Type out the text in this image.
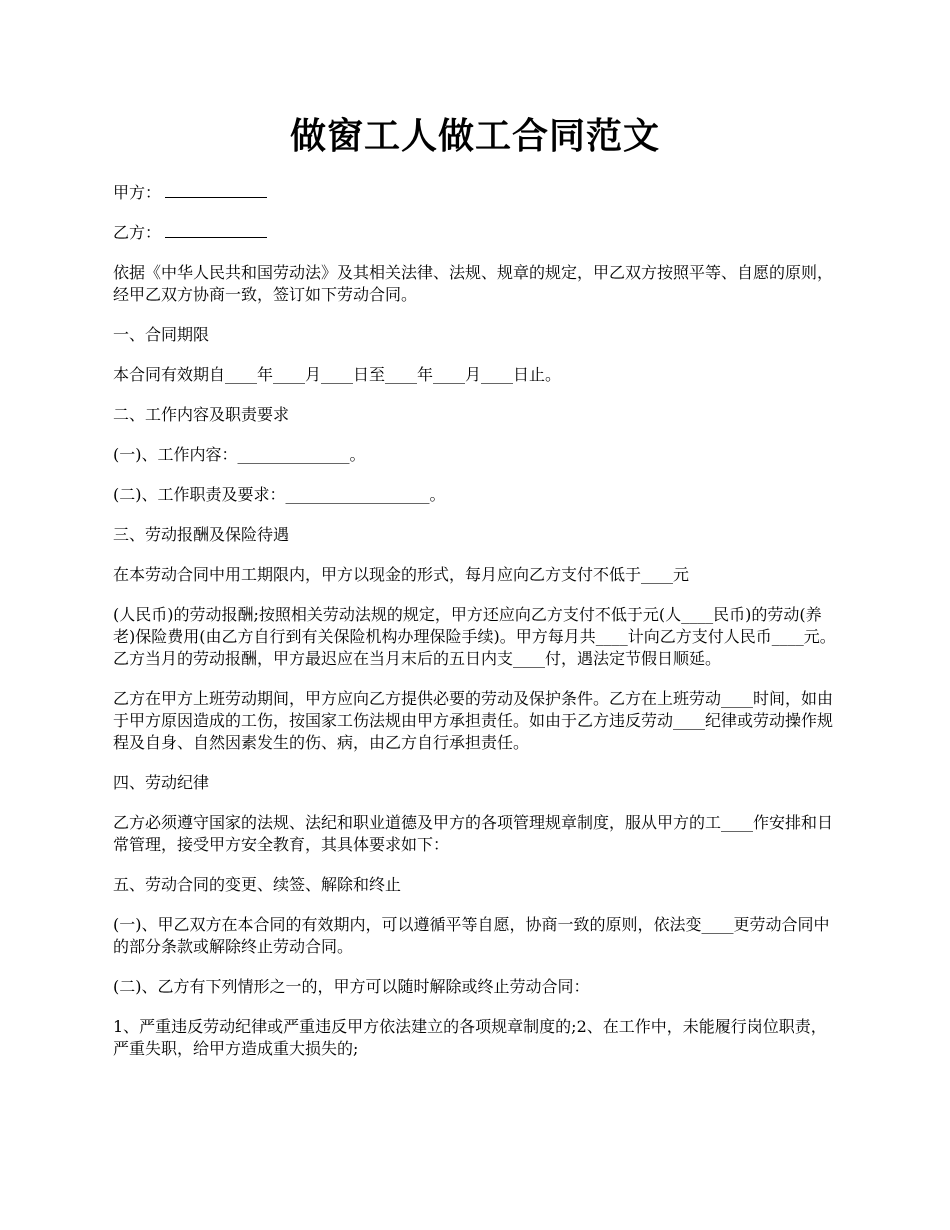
做窗工人做工合同范文

甲方：

乙方：

依据《中华人民共和国劳动法》及其相关法律、法规、规章的规定，甲乙双方按照平等、自愿的原则，经甲乙双方协商一致，签订如下劳动合同。

一、合同期限

本合同有效期自____年____月____日至____年____月____日止。

二、工作内容及职责要求

(一)、工作内容：______________。

(二)、工作职责及要求：__________________。

三、劳动报酬及保险待遇

在本劳动合同中用工期限内，甲方以现金的形式，每月应向乙方支付不低于____元

(人民币)的劳动报酬;按照相关劳动法规的规定，甲方还应向乙方支付不低于元(人____民币)的劳动(养老)保险费用(由乙方自行到有关保险机构办理保险手续)。甲方每月共____计向乙方支付人民币____元。乙方当月的劳动报酬，甲方最迟应在当月末后的五日内支____付，遇法定节假日顺延。

乙方在甲方上班劳动期间，甲方应向乙方提供必要的劳动及保护条件。乙方在上班劳动____时间，如由于甲方原因造成的工伤，按国家工伤法规由甲方承担责任。如由于乙方违反劳动____纪律或劳动操作规程及自身、自然因素发生的伤、病，由乙方自行承担责任。

四、劳动纪律

乙方必须遵守国家的法规、法纪和职业道德及甲方的各项管理规章制度，服从甲方的工____作安排和日常管理，接受甲方安全教育，其具体要求如下：

五、劳动合同的变更、续签、解除和终止

(一)、甲乙双方在本合同的有效期内，可以遵循平等自愿，协商一致的原则，依法变____更劳动合同中的部分条款或解除终止劳动合同。

(二)、乙方有下列情形之一的，甲方可以随时解除或终止劳动合同：

1、严重违反劳动纪律或严重违反甲方依法建立的各项规章制度的;2、在工作中，未能履行岗位职责，严重失职，给甲方造成重大损失的;
